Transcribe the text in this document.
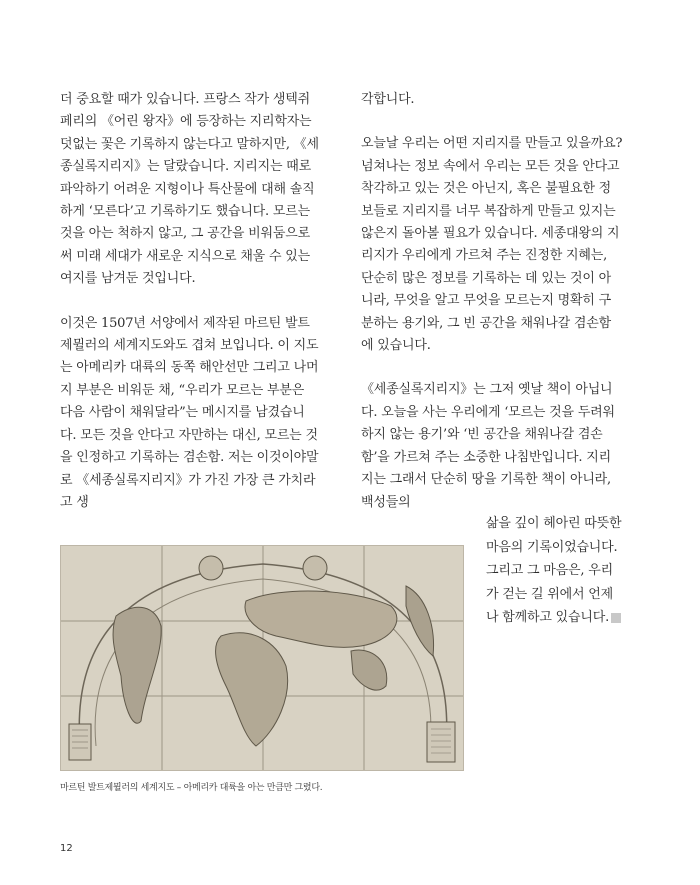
더 중요할 때가 있습니다. 프랑스 작가 생텍쥐페리의 《어린 왕자》에 등장하는 지리학자는 덧없는 꽃은 기록하지 않는다고 말하지만, 《세종실록지리지》는 달랐습니다. 지리지는 때로 파악하기 어려운 지형이나 특산물에 대해 솔직하게 ‘모른다’고 기록하기도 했습니다. 모르는 것을 아는 척하지 않고, 그 공간을 비워둠으로써 미래 세대가 새로운 지식으로 채울 수 있는 여지를 남겨둔 것입니다.

이것은 1507년 서양에서 제작된 마르틴 발트제뮐러의 세계지도와도 겹쳐 보입니다. 이 지도는 아메리카 대륙의 동쪽 해안선만 그리고 나머지 부분은 비워둔 채, “우리가 모르는 부분은 다음 사람이 채워달라”는 메시지를 남겼습니다. 모든 것을 안다고 자만하는 대신, 모르는 것을 인정하고 기록하는 겸손함. 저는 이것이야말로 《세종실록지리지》가 가진 가장 큰 가치라고 생

각합니다.

오늘날 우리는 어떤 지리지를 만들고 있을까요? 넘쳐나는 정보 속에서 우리는 모든 것을 안다고 착각하고 있는 것은 아닌지, 혹은 불필요한 정보들로 지리지를 너무 복잡하게 만들고 있지는 않은지 돌아볼 필요가 있습니다. 세종대왕의 지리지가 우리에게 가르쳐 주는 진정한 지혜는, 단순히 많은 정보를 기록하는 데 있는 것이 아니라, 무엇을 알고 무엇을 모르는지 명확히 구분하는 용기와, 그 빈 공간을 채워나갈 겸손함에 있습니다.

《세종실록지리지》는 그저 옛날 책이 아닙니다. 오늘을 사는 우리에게 ‘모르는 것을 두려워하지 않는 용기’와 ‘빈 공간을 채워나갈 겸손함’을 가르쳐 주는 소중한 나침반입니다. 지리지는 그래서 단순히 땅을 기록한 책이 아니라, 백성들의

삶을 깊이 헤아린 따뜻한 마음의 기록이었습니다. 그리고 그 마음은, 우리가 걷는 길 위에서 언제나 함께하고 있습니다.
마르틴 발트제뮐러의 세계지도 – 아메리카 대륙을 아는 만큼만 그렸다.
12
